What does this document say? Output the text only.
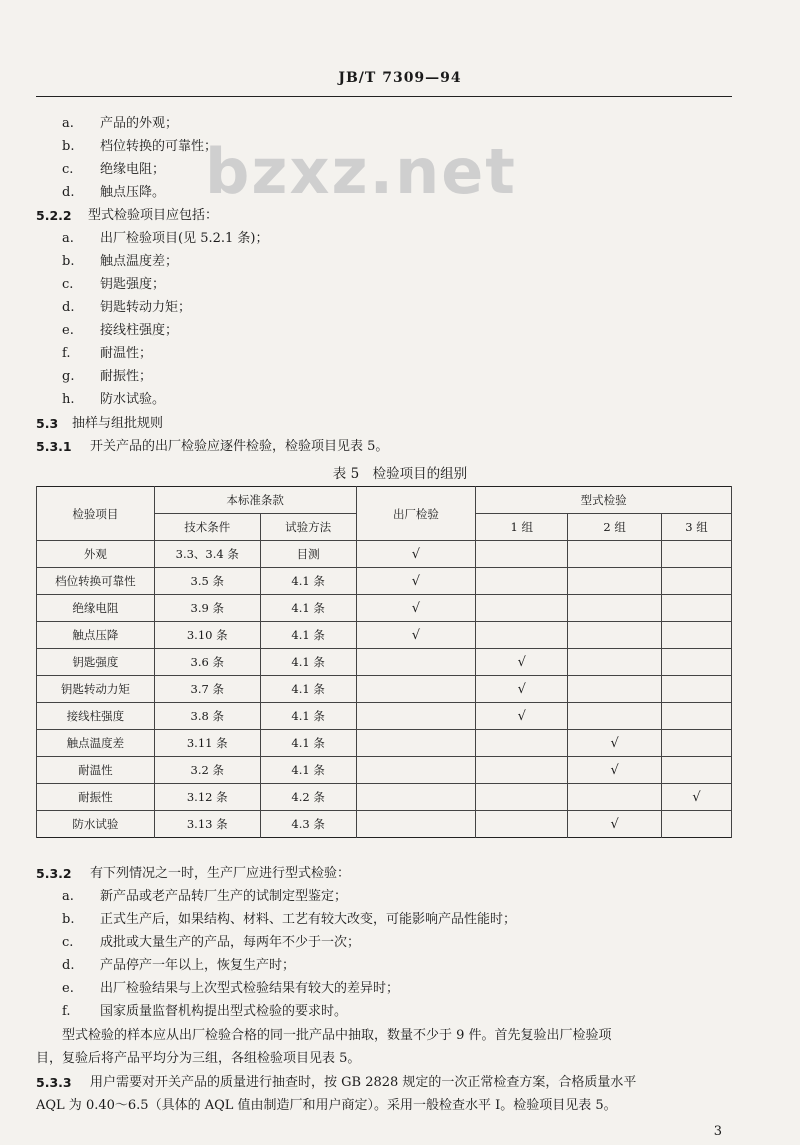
JB/T 7309—94
bzxz.net
a. 产品的外观；
b. 档位转换的可靠性；
c. 绝缘电阻；
d. 触点压降。
5.2.2 型式检验项目应包括：
a. 出厂检验项目(见 5.2.1 条)；
b. 触点温度差；
c. 钥匙强度；
d. 钥匙转动力矩；
e. 接线柱强度；
f. 耐温性；
g. 耐振性；
h. 防水试验。
5.3 抽样与组批规则
5.3.1 开关产品的出厂检验应逐件检验，检验项目见表 5。
表 5　检验项目的组别
检验项目	本标准条款		出厂检验	型式检验		
	技术条件	试验方法		1 组	2 组	3 组
外观	3.3、3.4 条	目测	√			
档位转换可靠性	3.5 条	4.1 条	√			
绝缘电阻	3.9 条	4.1 条	√			
触点压降	3.10 条	4.1 条	√			
钥匙强度	3.6 条	4.1 条		√		
钥匙转动力矩	3.7 条	4.1 条		√		
接线柱强度	3.8 条	4.1 条		√		
触点温度差	3.11 条	4.1 条			√	
耐温性	3.2 条	4.1 条			√	
耐振性	3.12 条	4.2 条				√
防水试验	3.13 条	4.3 条			√	
5.3.2 有下列情况之一时，生产厂应进行型式检验：
a. 新产品或老产品转厂生产的试制定型鉴定；
b. 正式生产后，如果结构、材料、工艺有较大改变，可能影响产品性能时；
c. 成批或大量生产的产品，每两年不少于一次；
d. 产品停产一年以上，恢复生产时；
e. 出厂检验结果与上次型式检验结果有较大的差异时；
f. 国家质量监督机构提出型式检验的要求时。
型式检验的样本应从出厂检验合格的同一批产品中抽取，数量不少于 9 件。首先复验出厂检验项
目，复验后将产品平均分为三组，各组检验项目见表 5。
5.3.3 用户需要对开关产品的质量进行抽查时，按 GB 2828 规定的一次正常检查方案，合格质量水平
AQL 为 0.40～6.5（具体的 AQL 值由制造厂和用户商定）。采用一般检查水平 Ⅰ。检验项目见表 5。
3
